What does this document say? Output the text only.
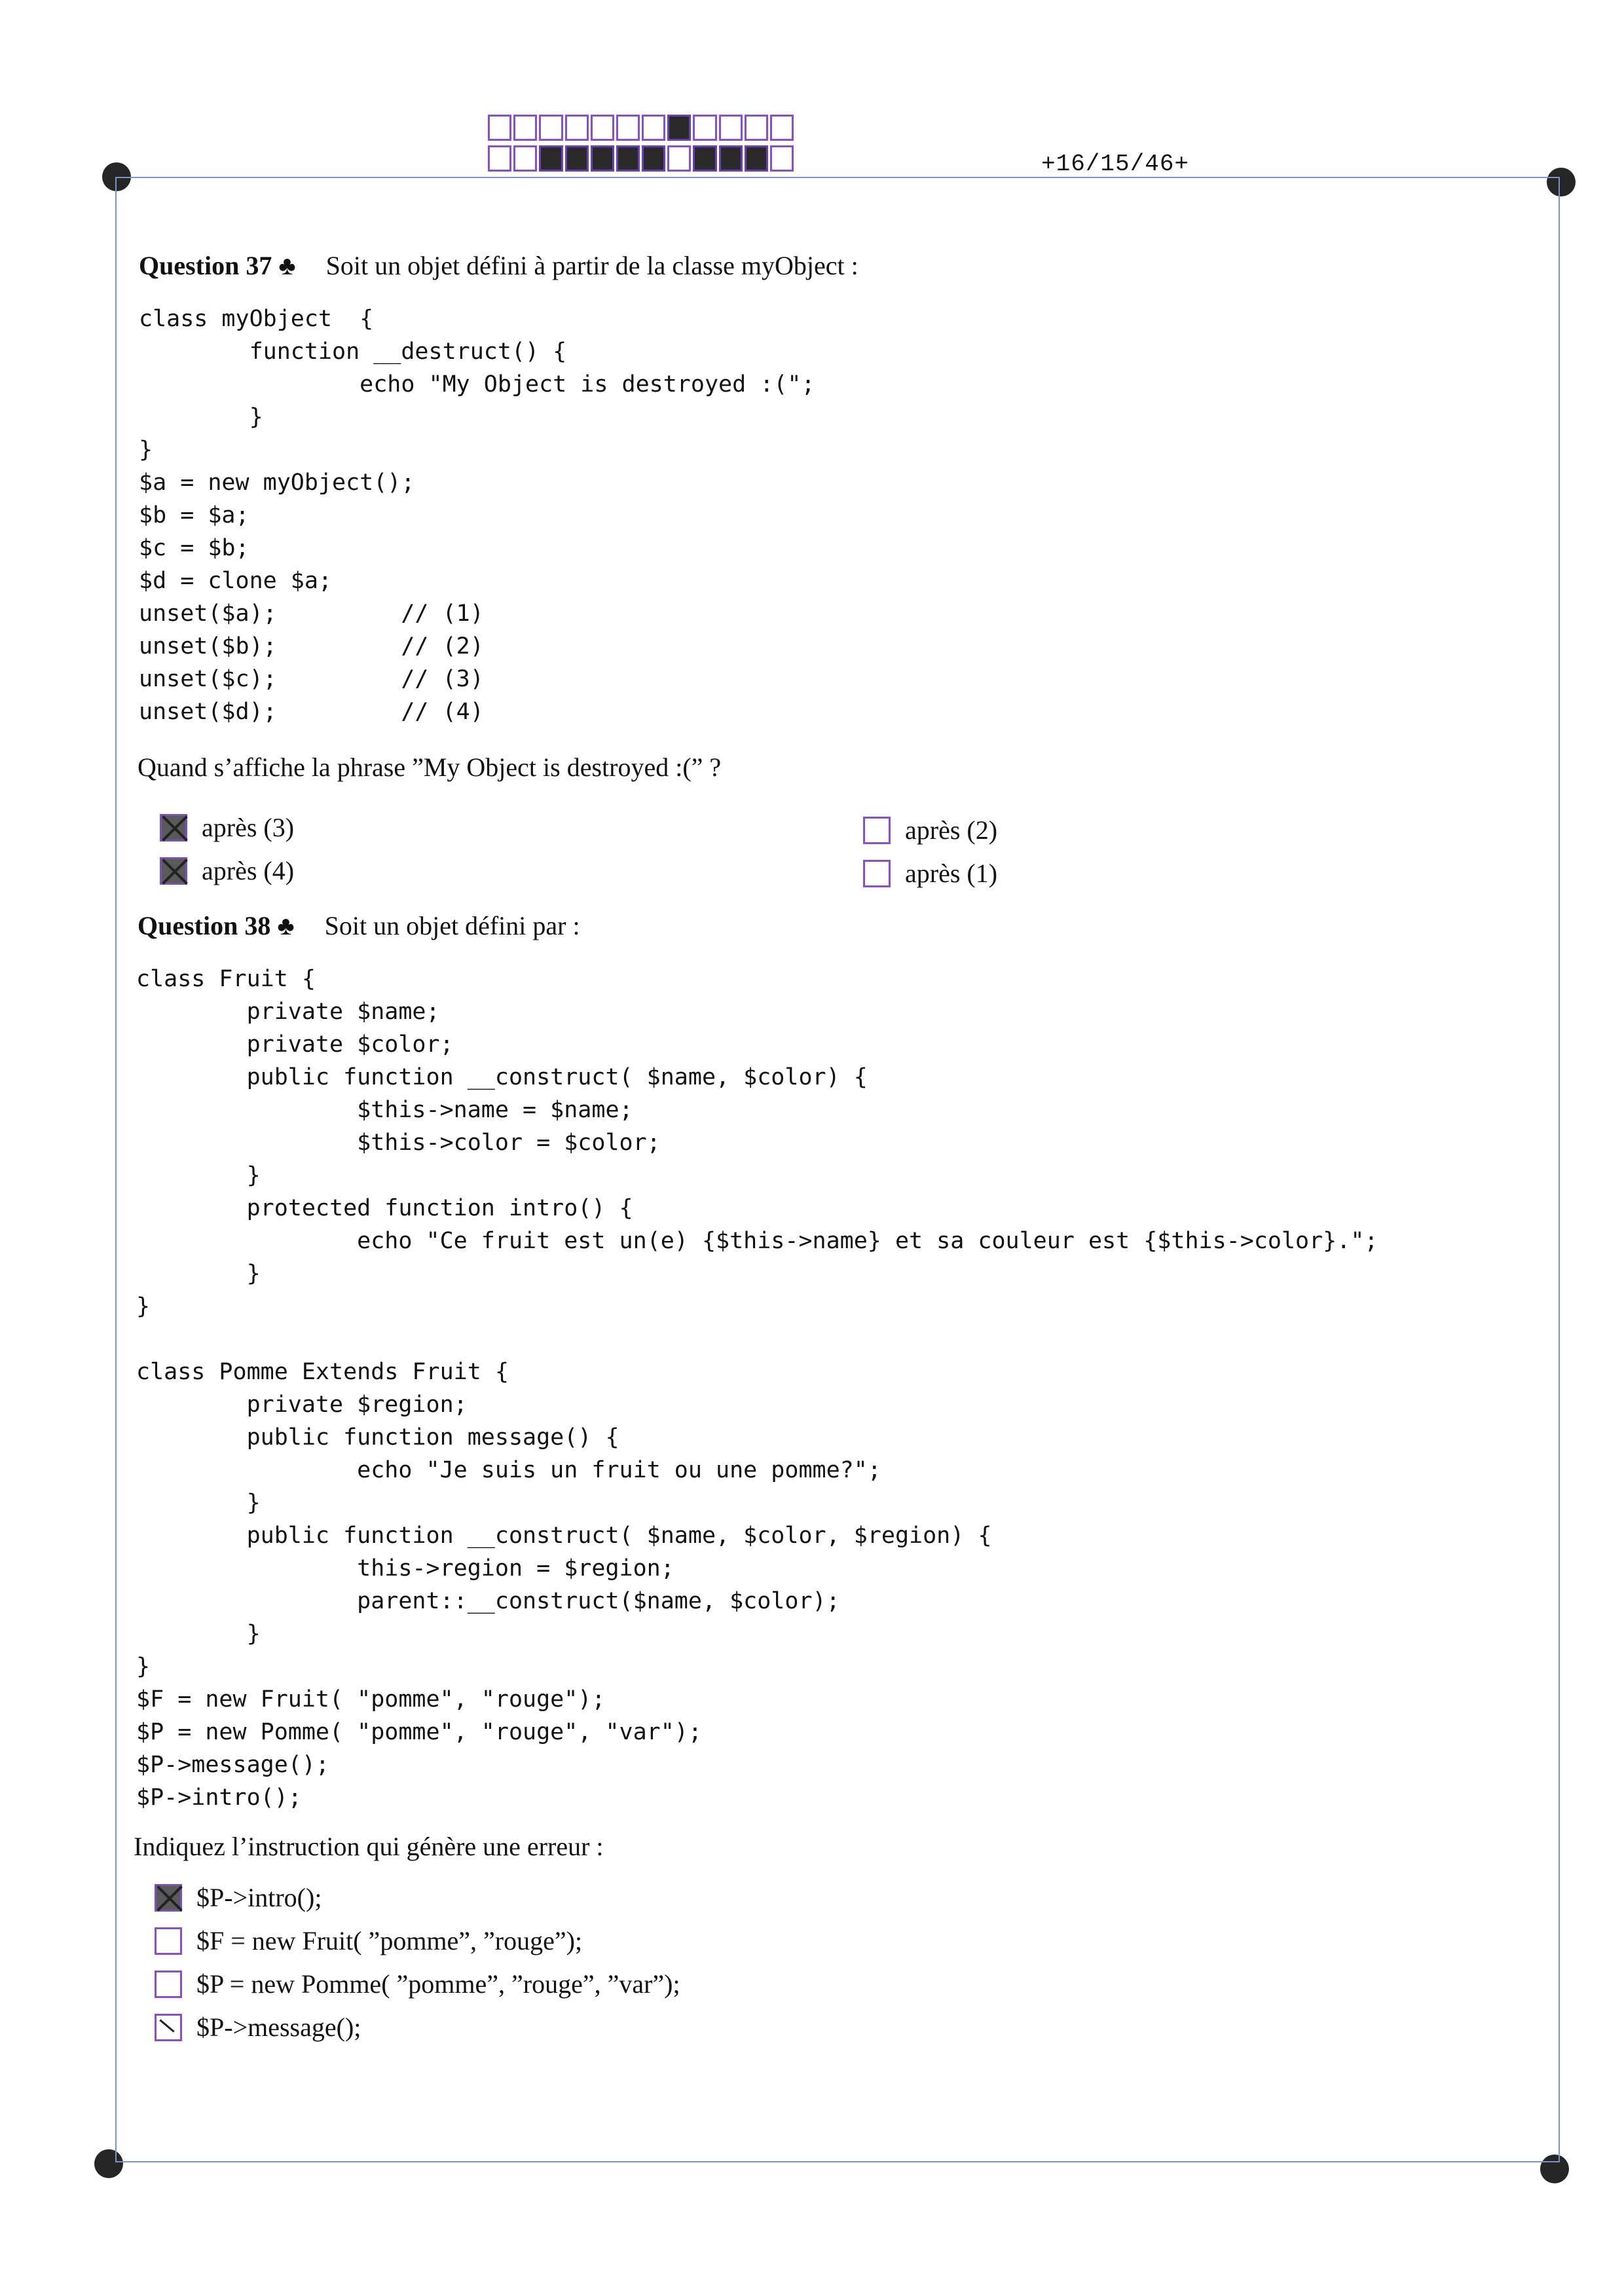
+16/15/46+
Question 37 ♣ Soit un objet défini à partir de la classe myObject :
class myObject  {
function __destruct() {
echo "My Object is destroyed :(";
}
}
$a = new myObject();
$b = $a;
$c = $b;
$d = clone $a;
unset($a);         // (1)
unset($b);         // (2)
unset($c);         // (3)
unset($d);         // (4)
Quand s’affiche la phrase ”My Object is destroyed :(” ?
après (3)
après (4)
après (2)
après (1)
Question 38 ♣ Soit un objet défini par :
class Fruit {
private $name;
private $color;
public function __construct( $name, $color) {
$this->name = $name;
$this->color = $color;
}
protected function intro() {
echo "Ce fruit est un(e) {$this->name} et sa couleur est {$this->color}.";
}
}

class Pomme Extends Fruit {
private $region;
public function message() {
echo "Je suis un fruit ou une pomme?";
}
public function __construct( $name, $color, $region) {
this->region = $region;
parent::__construct($name, $color);
}
}
$F = new Fruit( "pomme", "rouge");
$P = new Pomme( "pomme", "rouge", "var");
$P->message();
$P->intro();
Indiquez l’instruction qui génère une erreur :
$P->intro();
$F = new Fruit( ”pomme”, ”rouge”);
$P = new Pomme( ”pomme”, ”rouge”, ”var”);
$P->message();
